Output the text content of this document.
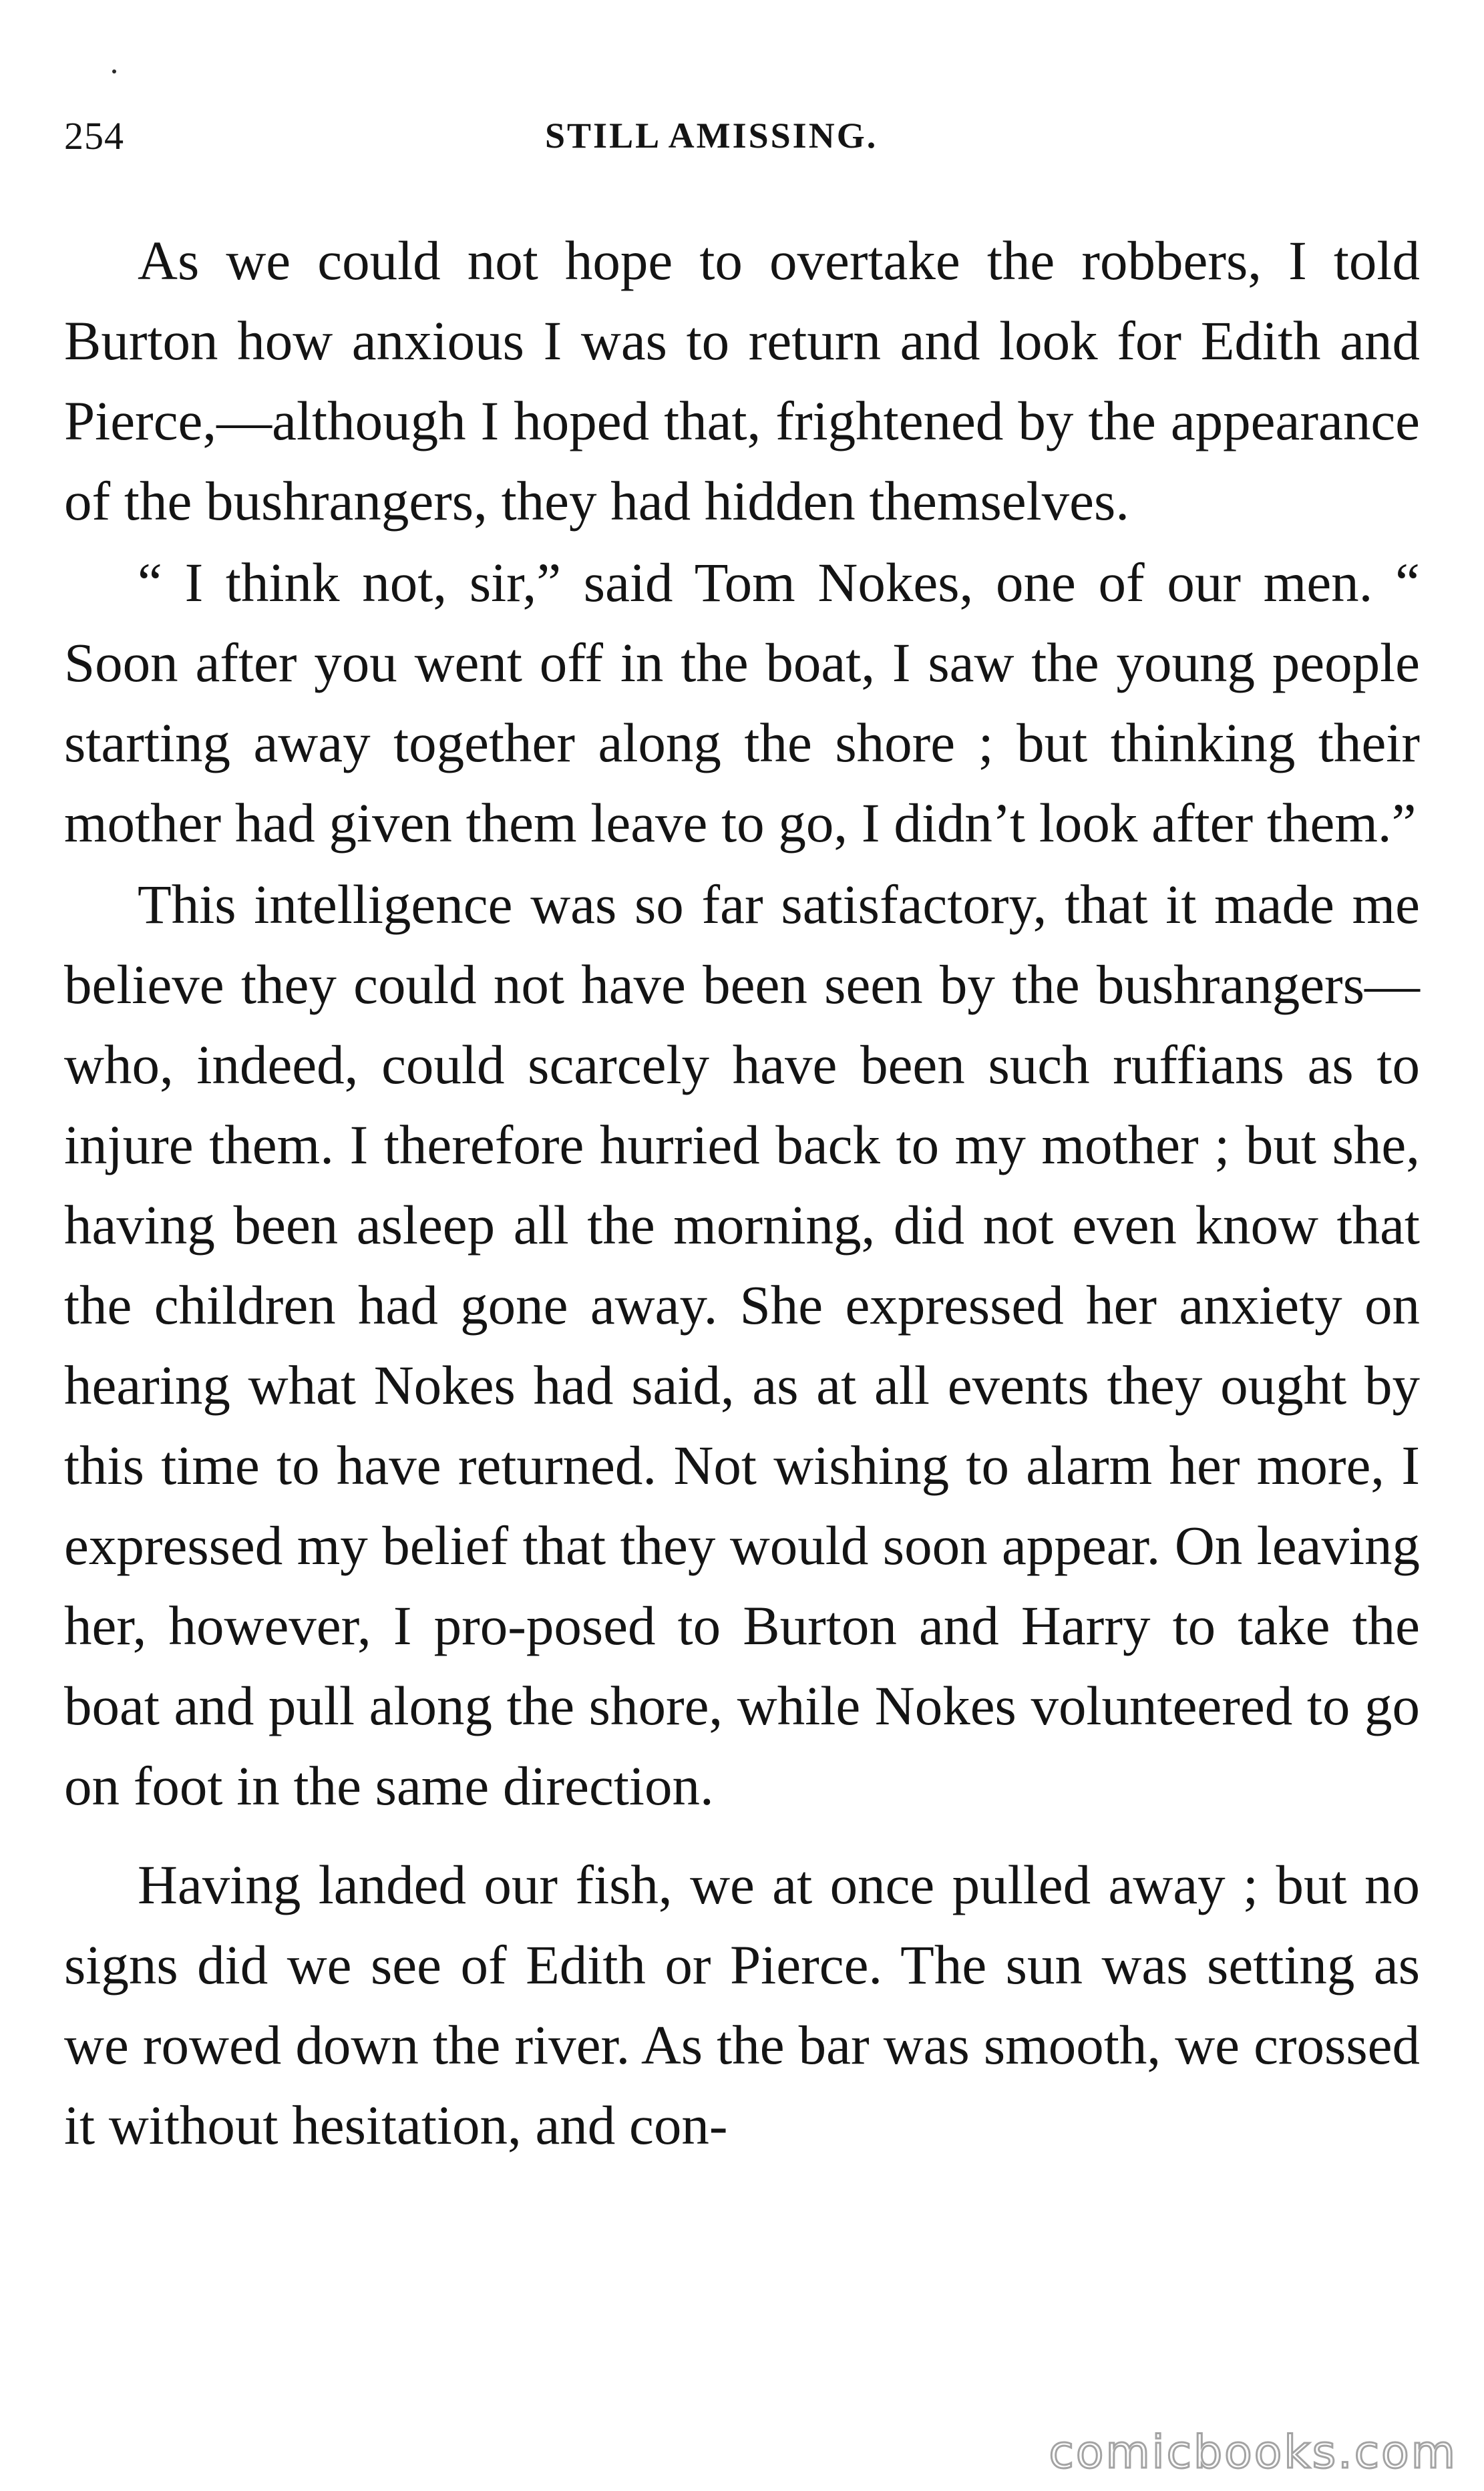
254	STILL AMISSING.

As we could not hope to overtake the robbers, I told Burton how anxious I was to return and look for Edith and Pierce,—although I hoped that, frightened by the appearance of the bushrangers, they had hidden themselves.

“ I think not, sir,” said Tom Nokes, one of our men. “ Soon after you went off in the boat, I saw the young people starting away together along the shore ; but thinking their mother had given them leave to go, I didn’t look after them.”

This intelligence was so far satisfactory, that it made me believe they could not have been seen by the bushrangers—who, indeed, could scarcely have been such ruffians as to injure them. I therefore hurried back to my mother ; but she, having been asleep all the morning, did not even know that the children had gone away. She expressed her anxiety on hearing what Nokes had said, as at all events they ought by this time to have returned. Not wishing to alarm her more, I expressed my belief that they would soon appear. On leaving her, however, I pro-posed to Burton and Harry to take the boat and pull along the shore, while Nokes volunteered to go on foot in the same direction.

Having landed our fish, we at once pulled away ; but no signs did we see of Edith or Pierce. The sun was setting as we rowed down the river. As the bar was smooth, we crossed it without hesitation, and con-

comicbooks.com
